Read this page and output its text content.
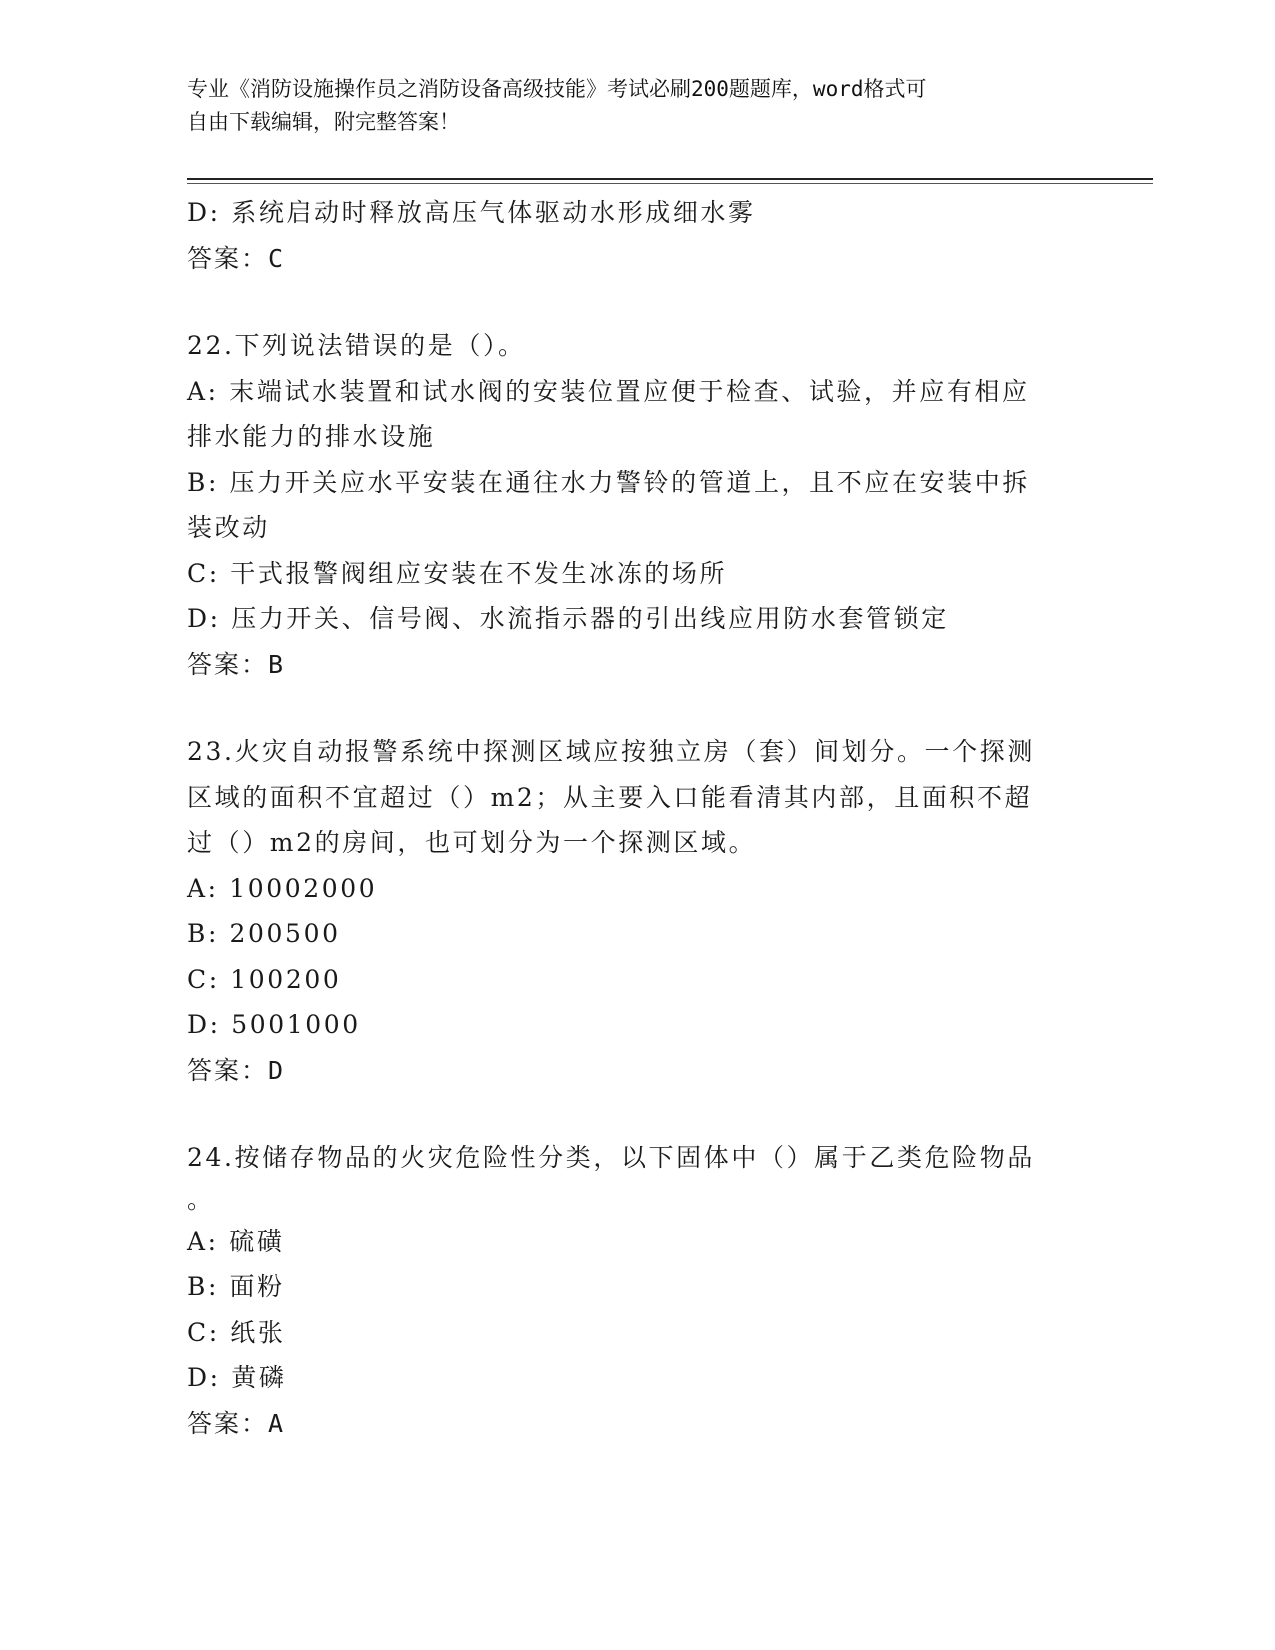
专业《消防设施操作员之消防设备高级技能》考试必刷200题题库，word格式可
自由下载编辑，附完整答案！

D: 系统启动时释放高压气体驱动水形成细水雾

答案：C

22.下列说法错误的是（）。

A: 末端试水装置和试水阀的安装位置应便于检查、试验，并应有相应

排水能力的排水设施

B: 压力开关应水平安装在通往水力警铃的管道上，且不应在安装中拆

装改动

C: 干式报警阀组应安装在不发生冰冻的场所

D: 压力开关、信号阀、水流指示器的引出线应用防水套管锁定

答案：B

23.火灾自动报警系统中探测区域应按独立房（套）间划分。一个探测

区域的面积不宜超过（）m2；从主要入口能看清其内部，且面积不超

过（）m2的房间，也可划分为一个探测区域。

A: 10002000

B: 200500

C: 100200

D: 5001000

答案：D

24.按储存物品的火灾危险性分类，以下固体中（）属于乙类危险物品

。

A: 硫磺

B: 面粉

C: 纸张

D: 黄磷

答案：A
